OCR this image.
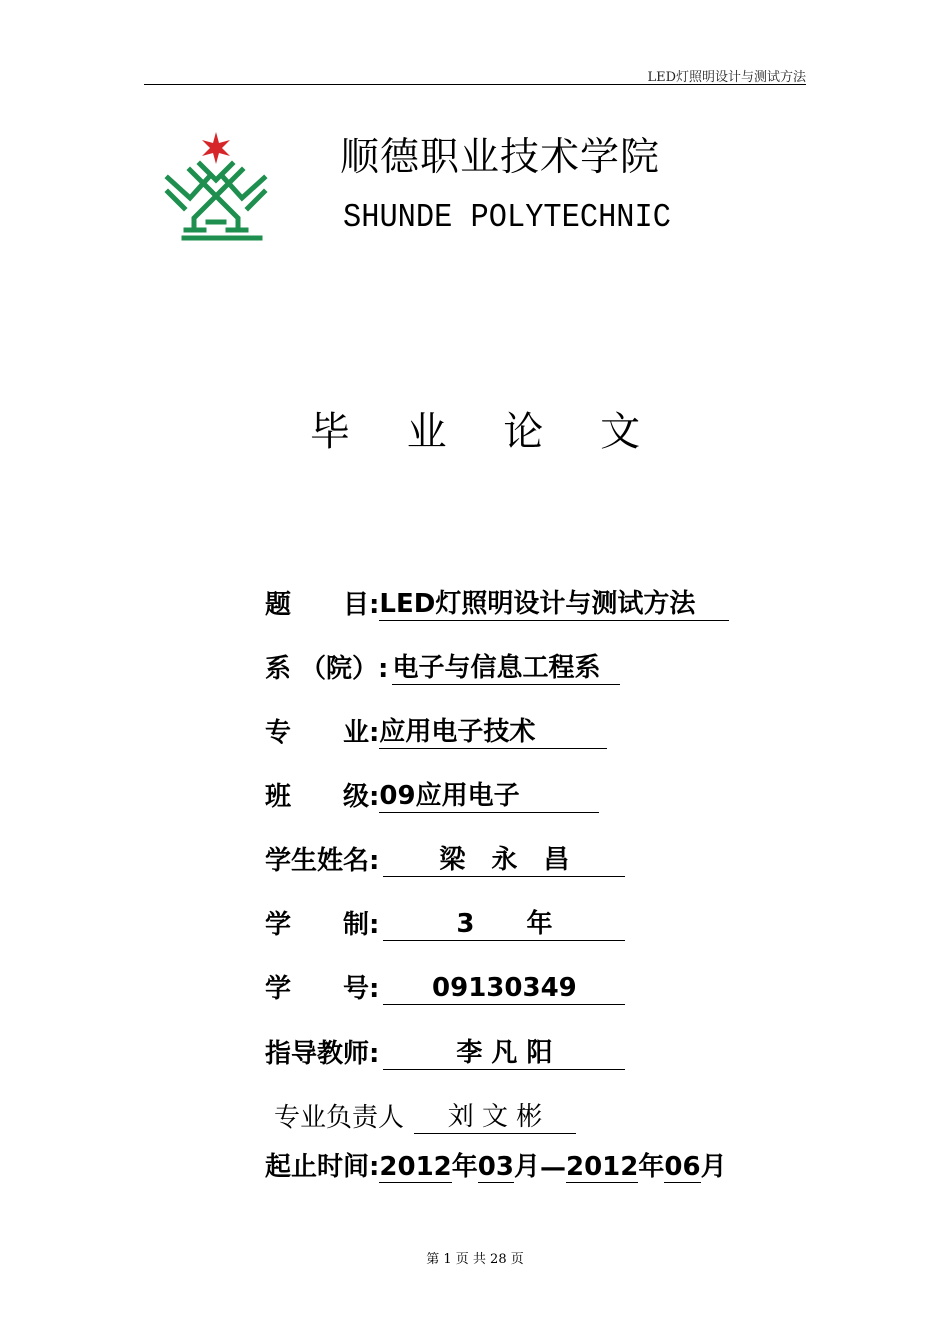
LED灯照明设计与测试方法
顺德职业技术学院
SHUNDE POLYTECHNIC
毕 业 论 文
题　　目: LED灯照明设计与测试方法
系 （院）: 电子与信息工程系
专　　业: 应用电子技术
班　　级: 09应用电子
学生姓名:	梁　永　昌
学　　制:	3　　年
学　　号:	09130349
指导教师:	李 凡 阳
专业负责人	刘 文 彬
起止时间: 2012 年 03 月 — 2012 年 06 月
第 1 页 共 28 页
